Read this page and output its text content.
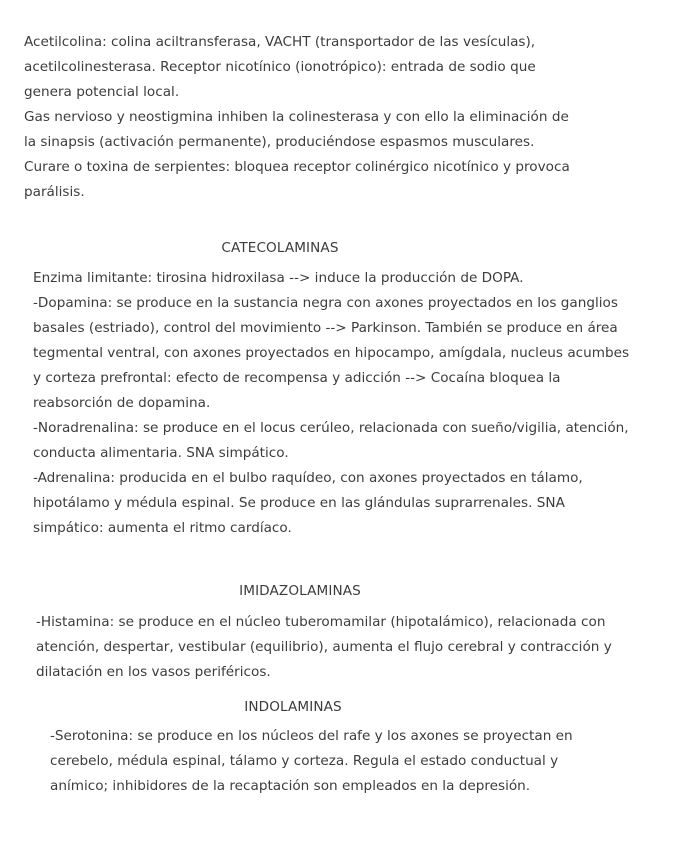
Acetilcolina: colina aciltransferasa, VACHT (transportador de las vesículas), acetilcolinesterasa. Receptor nicotínico (ionotrópico): entrada de sodio que genera potencial local.

Gas nervioso y neostigmina inhiben la colinesterasa y con ello la eliminación de la sinapsis (activación permanente), produciéndose espasmos musculares.

Curare o toxina de serpientes: bloquea receptor colinérgico nicotínico y provoca parálisis.

CATECOLAMINAS

Enzima limitante: tirosina hidroxilasa --> induce la producción de DOPA.

-Dopamina: se produce en la sustancia negra con axones proyectados en los ganglios basales (estriado), control del movimiento --> Parkinson. También se produce en área tegmental ventral, con axones proyectados en hipocampo, amígdala, nucleus acumbes y corteza prefrontal: efecto de recompensa y adicción --> Cocaína bloquea la reabsorción de dopamina.

-Noradrenalina: se produce en el locus cerúleo, relacionada con sueño/vigilia, atención, conducta alimentaria. SNA simpático.

-Adrenalina: producida en el bulbo raquídeo, con axones proyectados en tálamo, hipotálamo y médula espinal. Se produce en las glándulas suprarrenales. SNA simpático: aumenta el ritmo cardíaco.

IMIDAZOLAMINAS

-Histamina: se produce en el núcleo tuberomamilar (hipotalámico), relacionada con atención, despertar, vestibular (equilibrio), aumenta el flujo cerebral y contracción y dilatación en los vasos periféricos.

INDOLAMINAS

-Serotonina: se produce en los núcleos del rafe y los axones se proyectan en cerebelo, médula espinal, tálamo y corteza. Regula el estado conductual y anímico; inhibidores de la recaptación son empleados en la depresión.
